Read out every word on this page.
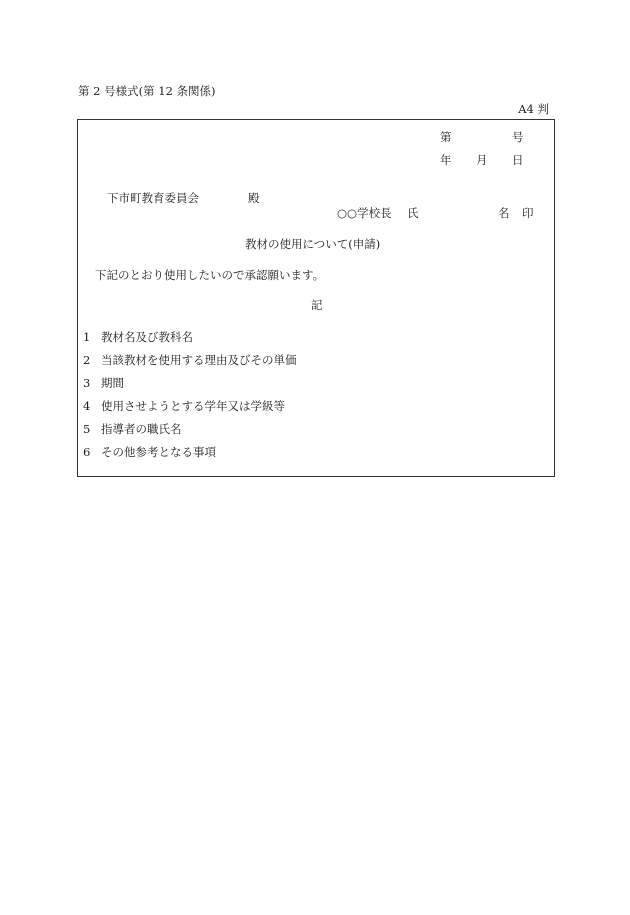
第 2 号様式(第 12 条関係)
A4 判
第	号
年 月 日
下市町教育委員会	殿
○○学校長 氏	名 印
教材の使用について(申請)
下記のとおり使用したいので承認願います。
記
1 教材名及び教科名
2 当該教材を使用する理由及びその単価
3 期間
4 使用させようとする学年又は学級等
5 指導者の職氏名
6 その他参考となる事項
